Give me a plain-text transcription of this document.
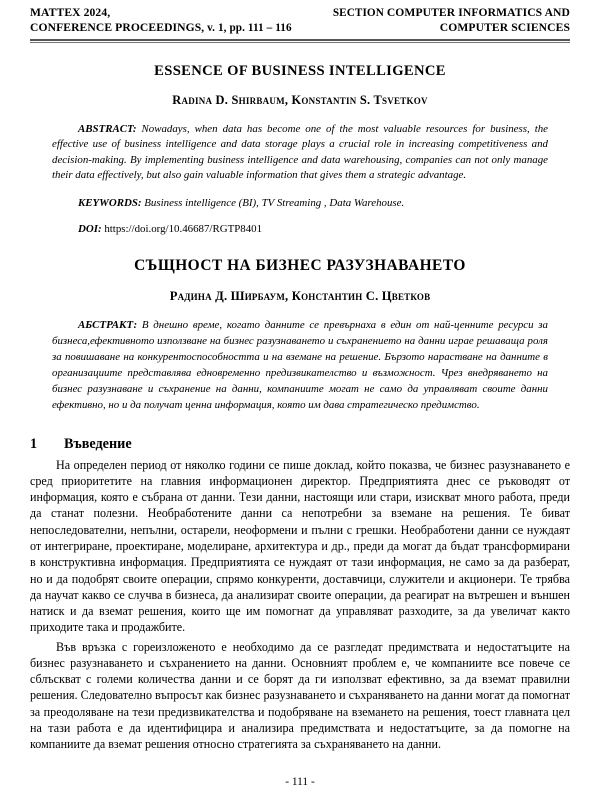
MATTEX 2024,
CONFERENCE PROCEEDINGS, v. 1, pp. 111 – 116
SECTION COMPUTER INFORMATICS AND
COMPUTER SCIENCES
ESSENCE OF BUSINESS INTELLIGENCE
Radina D. Shirbaum, Konstantin S. Tsvetkov
ABSTRACT: Nowadays, when data has become one of the most valuable resources for business, the effective use of business intelligence and data storage plays a crucial role in increasing competitiveness and decision-making. By implementing business intelligence and data warehousing, companies can not only manage their data effectively, but also gain valuable information that gives them a strategic advantage.
KEYWORDS: Business intelligence (BI), TV Streaming , Data Warehouse.
DOI: https://doi.org/10.46687/RGTP8401
СЪЩНОСТ НА БИЗНЕС РАЗУЗНАВАНЕТО
Радина Д. Ширбаум, Константин С. Цветков
АБСТРАКТ: В днешно време, когато данните се превърнаха в един от най-ценните ресурси за бизнеса,ефективното използване на бизнес разузнаването и съхранението на данни играе решаваща роля за повишаване на конкурентоспособността и на вземане на решение. Бързото нарастване на данните в организациите представлява едновременно предизвикателство и възможност. Чрез внедряването на бизнес разузнаване и съхранение на данни, компаниите могат не само да управляват своите данни ефективно, но и да получат ценна информация, която им дава стратегическо предимство.
1	Въведение
На определен период от няколко години се пише доклад, който показва, че бизнес разузнаването е сред приоритетите на главния информационен директор. Предприятията днес се ръководят от информация, която е събрана от данни. Тези данни, настоящи или стари, изискват много работа, преди да станат полезни. Необработените данни са непотребни за вземане на решения. Те биват непоследователни, непълни, остарели, неоформени и пълни с грешки. Необработени данни се нуждаят от интегриране, проектиране, моделиране, архитектура и др., преди да могат да бъдат трансформирани в конструктивна информация. Предприятията се нуждаят от тази информация, не само за да разберат, но и да подобрят своите операции, спрямо конкуренти, доставчици, служители и акционери. Те трябва да научат какво се случва в бизнеса, да анализират своите операции, да реагират на вътрешен и външен натиск и да вземат решения, които ще им помогнат да управляват разходите, за да увеличат както приходите така и продажбите.
Във връзка с гореизложеното е необходимо да се разгледат предимствата и недостатъците на бизнес разузнаването и съхранението на данни. Основният проблем е, че компаниите все повече се сблъскват с големи количества данни и се борят да ги използват ефективно, за да вземат правилни решения. Следователно въпросът как бизнес разузнаването и съхраняването на данни могат да помогнат за преодоляване на тези предизвикателства и подобряване на вземането на решения, тоест главната цел на тази работа е да идентифицира и анализира предимствата и недостатъците, за да помогне на компаниите да вземат решения относно стратегията за съхраняването на данни.
- 111 -
